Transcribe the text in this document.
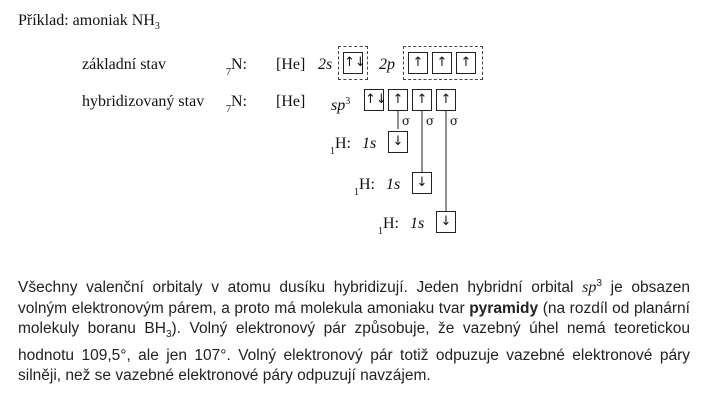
Příklad: amoniak $NH_3$
základní stav	$_7$N: [He] 2s ↑↓ 2p	↑	↑	↑
hybridizovaný stav $_7$N: [He] $sp^3$ ↑↓ ↑	↑	↑
σ σ σ
$_1$H: 1s	↓
$_1$H: 1s	↓
$_1$H: 1s	↓
Všechny valenční orbitaly v atomu dusíku hybridizují. Jeden hybridní orbital $sp^3$ je obsazen volným elektronovým párem, a proto má molekula amoniaku tvar pyramidy (na rozdíl od planární molekuly boranu $BH_3$). Volný elektronový pár způsobuje, že vazebný úhel nemá teoretickou hodnotu 109,5°, ale jen 107°. Volný elektronový pár totiž odpuzuje vazebné elektronové páry silněji, než se vazebné elektronové páry odpuzují navzájem.
